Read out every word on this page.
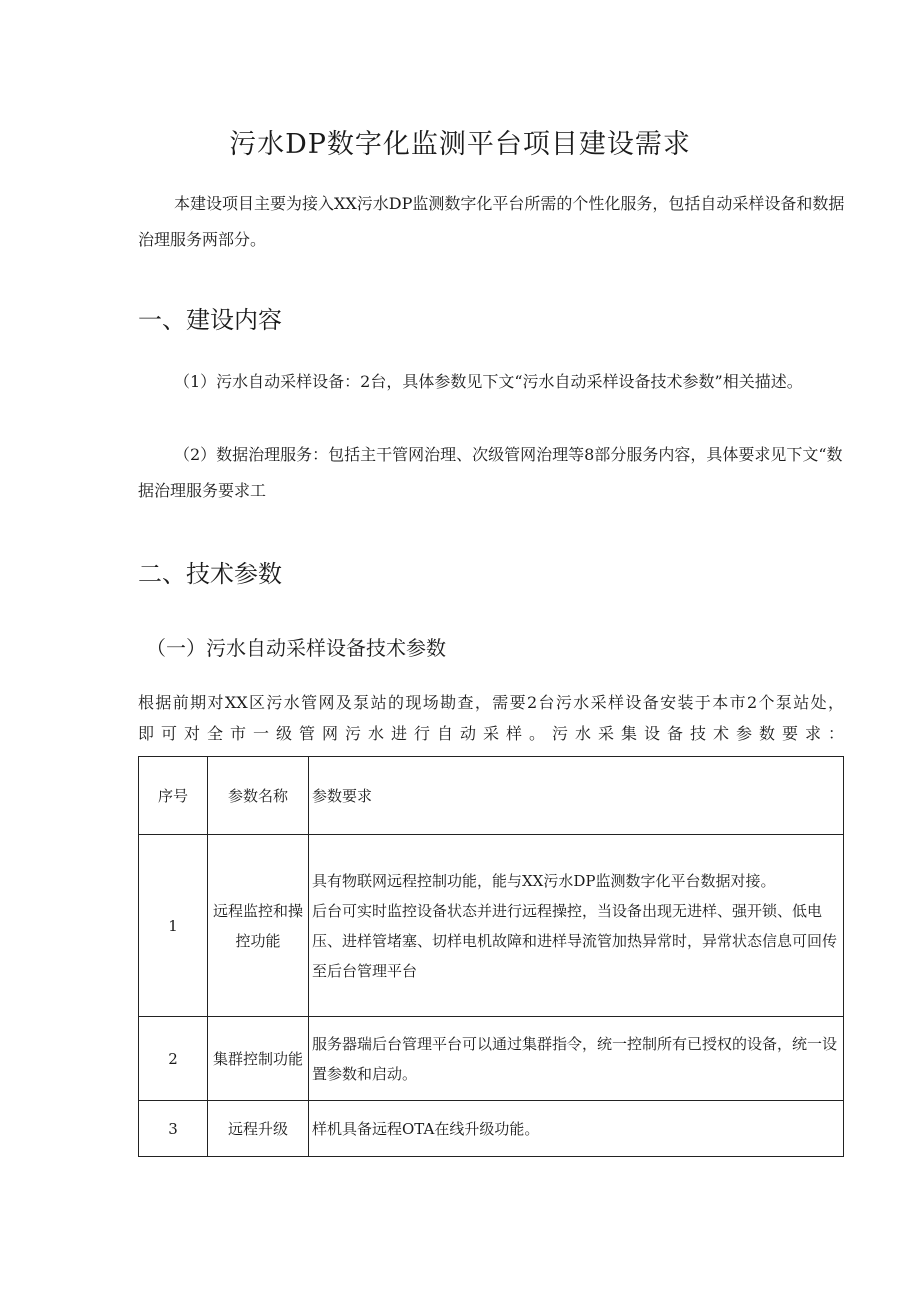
污水DP数字化监测平台项目建设需求

本建设项目主要为接入XX污水DP监测数字化平台所需的个性化服务，包括自动采样设备和数据治理服务两部分。

一、建设内容

（1）污水自动采样设备：2台，具体参数见下文“污水自动采样设备技术参数”相关描述。

（2）数据治理服务：包括主干管网治理、次级管网治理等8部分服务内容，具体要求见下文“数据治理服务要求工

二、技术参数
（一）污水自动采样设备技术参数

根据前期对XX区污水管网及泵站的现场勘查，需要2台污水采样设备安装于本市2个泵站处，

即可对全市一级管网污水进行自动采样。污水采集设备技术参数要求：

序号	参数名称	参数要求
1	远程监控和操控功能	具有物联网远程控制功能，能与XX污水DP监测数字化平台数据对接。
后台可实时监控设备状态并进行远程操控，当设备出现无进样、强开锁、低电压、进样管堵塞、切样电机故障和进样导流管加热异常时，异常状态信息可回传至后台管理平台

2	集群控制功能	服务器瑞后台管理平台可以通过集群指令，统一控制所有已授权的设备，统一设置参数和启动。
3	远程升级	样机具备远程OTA在线升级功能。
